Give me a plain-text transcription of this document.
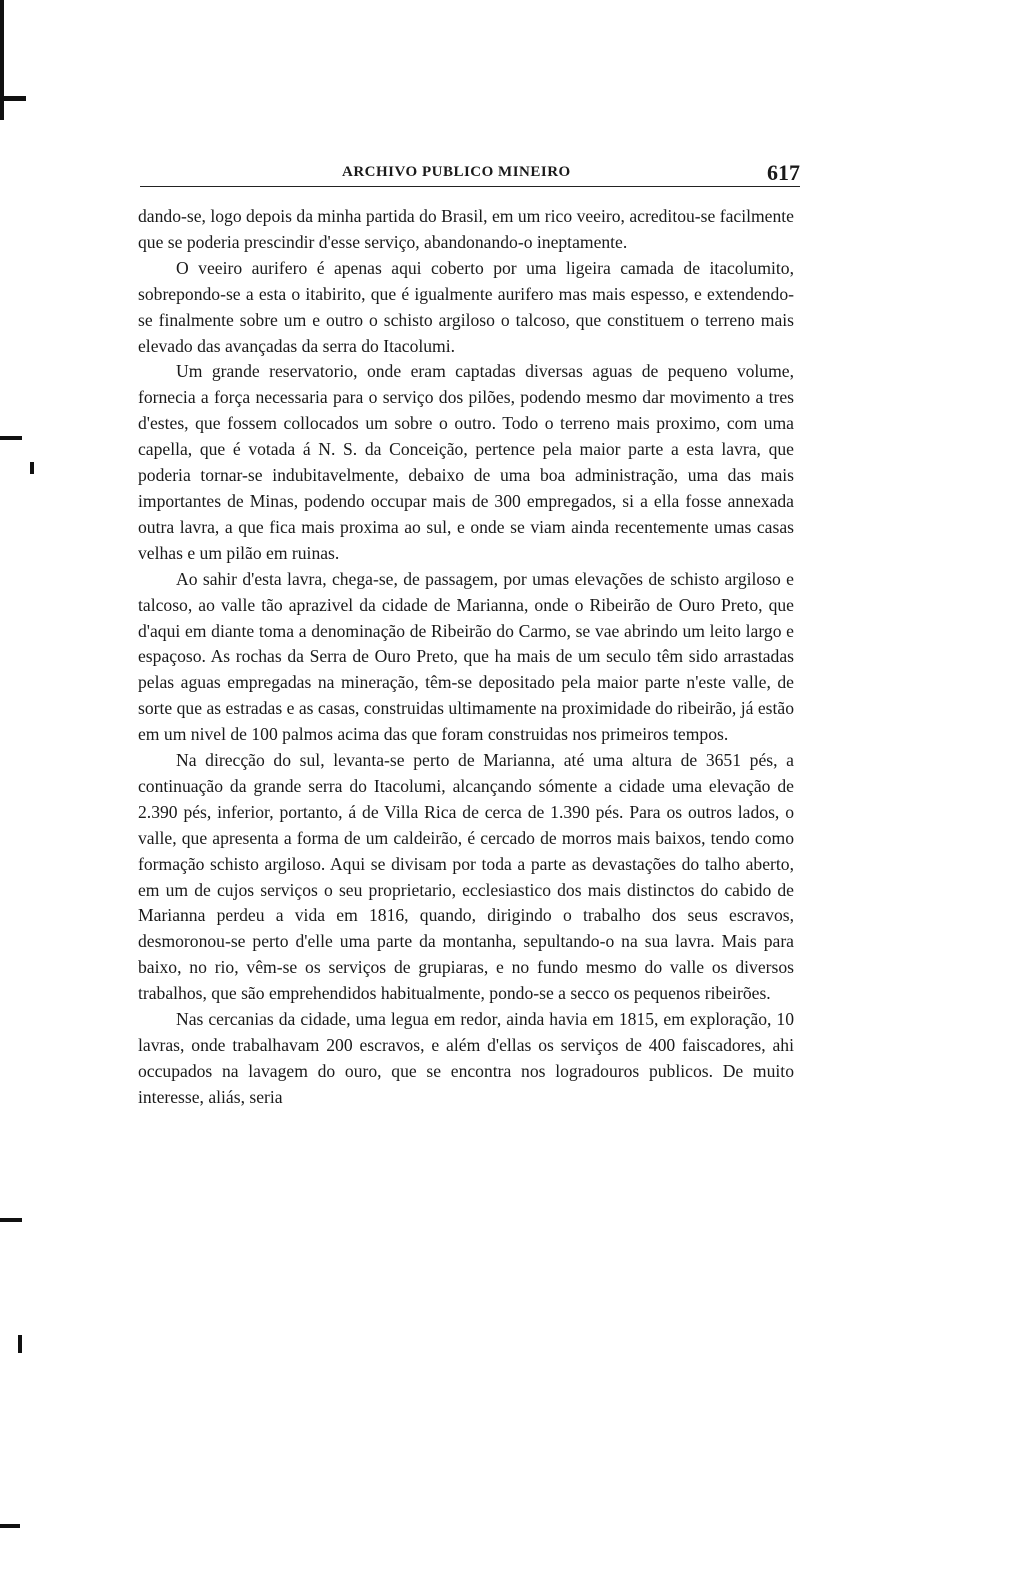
ARCHIVO PUBLICO MINEIRO	617

dando-se, logo depois da minha partida do Brasil, em um rico veeiro, acreditou-se facilmente que se poderia prescindir d'esse serviço, abandonando-o ineptamente.

O veeiro aurifero é apenas aqui coberto por uma ligeira camada de itacolumito, sobrepondo-se a esta o itabirito, que é igualmente aurifero mas mais espesso, e extendendo-se finalmente sobre um e outro o schisto argiloso o talcoso, que constituem o terreno mais elevado das avançadas da serra do Itacolumi.

Um grande reservatorio, onde eram captadas diversas aguas de pequeno volume, fornecia a força necessaria para o serviço dos pilões, podendo mesmo dar movimento a tres d'estes, que fossem collocados um sobre o outro. Todo o terreno mais proximo, com uma capella, que é votada á N. S. da Conceição, pertence pela maior parte a esta lavra, que poderia tornar-se indubitavelmente, debaixo de uma boa administração, uma das mais importantes de Minas, podendo occupar mais de 300 empregados, si a ella fosse annexada outra lavra, a que fica mais proxima ao sul, e onde se viam ainda recentemente umas casas velhas e um pilão em ruinas.

Ao sahir d'esta lavra, chega-se, de passagem, por umas elevações de schisto argiloso e talcoso, ao valle tão aprazivel da cidade de Marianna, onde o Ribeirão de Ouro Preto, que d'aqui em diante toma a denominação de Ribeirão do Carmo, se vae abrindo um leito largo e espaçoso. As rochas da Serra de Ouro Preto, que ha mais de um seculo têm sido arrastadas pelas aguas empregadas na mineração, têm-se depositado pela maior parte n'este valle, de sorte que as estradas e as casas, construidas ultimamente na proximidade do ribeirão, já estão em um nivel de 100 palmos acima das que foram construidas nos primeiros tempos.

Na direcção do sul, levanta-se perto de Marianna, até uma altura de 3651 pés, a continuação da grande serra do Itacolumi, alcançando sómente a cidade uma elevação de 2.390 pés, inferior, portanto, á de Villa Rica de cerca de 1.390 pés. Para os outros lados, o valle, que apresenta a forma de um caldeirão, é cercado de morros mais baixos, tendo como formação schisto argiloso. Aqui se divisam por toda a parte as devastações do talho aberto, em um de cujos serviços o seu proprietario, ecclesiastico dos mais distinctos do cabido de Marianna perdeu a vida em 1816, quando, dirigindo o trabalho dos seus escravos, desmoronou-se perto d'elle uma parte da montanha, sepultando-o na sua lavra. Mais para baixo, no rio, vêm-se os serviços de grupiaras, e no fundo mesmo do valle os diversos trabalhos, que são emprehendidos habitualmente, pondo-se a secco os pequenos ribeirões.

Nas cercanias da cidade, uma legua em redor, ainda havia em 1815, em exploração, 10 lavras, onde trabalhavam 200 escravos, e além d'ellas os serviços de 400 faiscadores, ahi occupados na lavagem do ouro, que se encontra nos logradouros publicos. De muito interesse, aliás, seria
